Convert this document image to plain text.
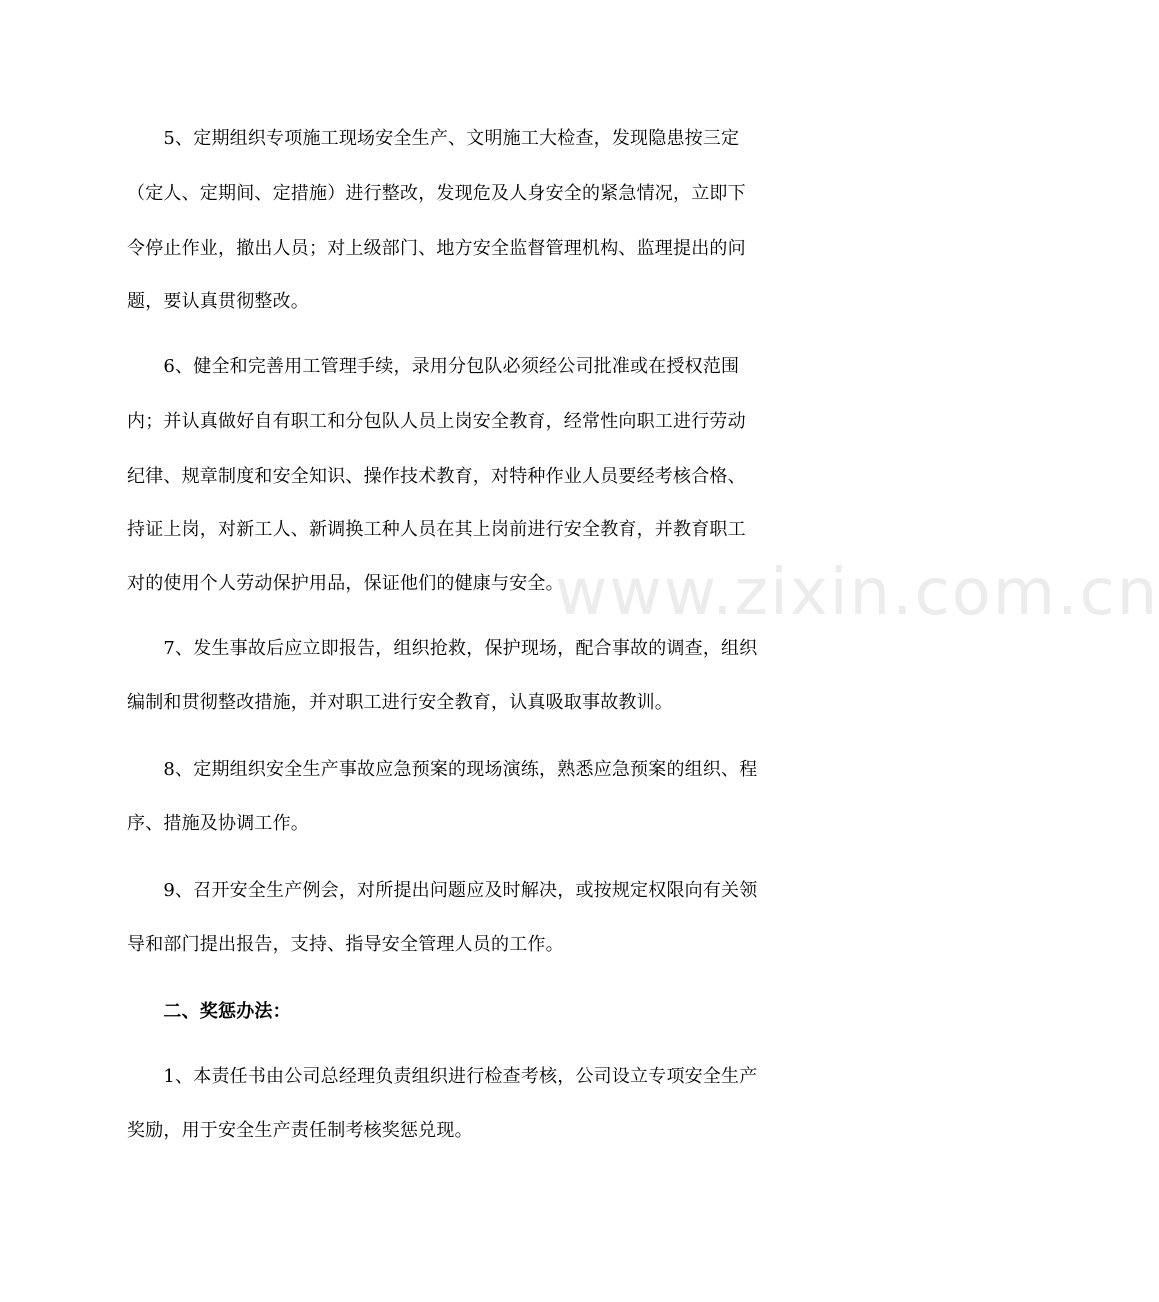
www.zixin.com.cn
　　5、定期组织专项施工现场安全生产、文明施工大检查，发现隐患按三定
（定人、定期间、定措施）进行整改，发现危及人身安全的紧急情况，立即下
令停止作业，撤出人员；对上级部门、地方安全监督管理机构、监理提出的问
题，要认真贯彻整改。
　　6、健全和完善用工管理手续，录用分包队必须经公司批准或在授权范围
内；并认真做好自有职工和分包队人员上岗安全教育，经常性向职工进行劳动
纪律、规章制度和安全知识、操作技术教育，对特种作业人员要经考核合格、
持证上岗，对新工人、新调换工种人员在其上岗前进行安全教育，并教育职工
对的使用个人劳动保护用品，保证他们的健康与安全。
　　7、发生事故后应立即报告，组织抢救，保护现场，配合事故的调查，组织
编制和贯彻整改措施，并对职工进行安全教育，认真吸取事故教训。
　　8、定期组织安全生产事故应急预案的现场演练，熟悉应急预案的组织、程
序、措施及协调工作。
　　9、召开安全生产例会，对所提出问题应及时解决，或按规定权限向有关领
导和部门提出报告，支持、指导安全管理人员的工作。
　　二、奖惩办法：
　　1、本责任书由公司总经理负责组织进行检查考核，公司设立专项安全生产
奖励，用于安全生产责任制考核奖惩兑现。
